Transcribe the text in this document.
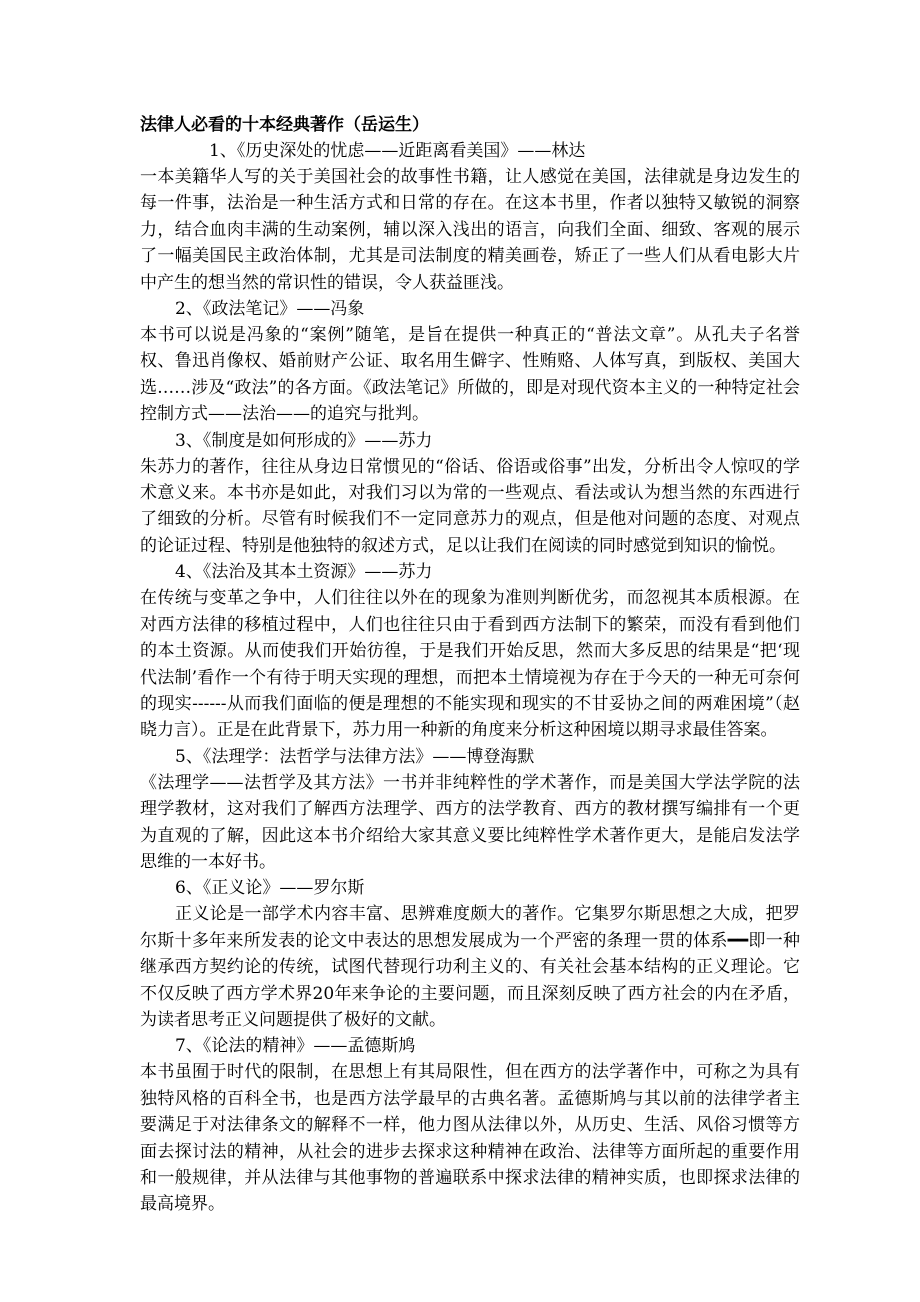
法律人必看的十本经典著作（岳运生）

1、《历史深处的忧虑——近距离看美国》——林达

一本美籍华人写的关于美国社会的故事性书籍，让人感觉在美国，法律就是身边发生的每一件事，法治是一种生活方式和日常的存在。在这本书里，作者以独特又敏锐的洞察力，结合血肉丰满的生动案例，辅以深入浅出的语言，向我们全面、细致、客观的展示了一幅美国民主政治体制，尤其是司法制度的精美画卷，矫正了一些人们从看电影大片中产生的想当然的常识性的错误，令人获益匪浅。

2、《政法笔记》——冯象

本书可以说是冯象的“案例”随笔，是旨在提供一种真正的“普法文章”。从孔夫子名誉权、鲁迅肖像权、婚前财产公证、取名用生僻字、性贿赂、人体写真，到版权、美国大选……涉及“政法”的各方面。《政法笔记》所做的，即是对现代资本主义的一种特定社会控制方式——法治——的追究与批判。

3、《制度是如何形成的》——苏力

朱苏力的著作，往往从身边日常惯见的“俗话、俗语或俗事”出发，分析出令人惊叹的学术意义来。本书亦是如此，对我们习以为常的一些观点、看法或认为想当然的东西进行了细致的分析。尽管有时候我们不一定同意苏力的观点，但是他对问题的态度、对观点的论证过程、特别是他独特的叙述方式，足以让我们在阅读的同时感觉到知识的愉悦。

4、《法治及其本土资源》——苏力

在传统与变革之争中，人们往往以外在的现象为准则判断优劣，而忽视其本质根源。在对西方法律的移植过程中，人们也往往只由于看到西方法制下的繁荣，而没有看到他们的本土资源。从而使我们开始彷徨，于是我们开始反思，然而大多反思的结果是“把‘现代法制’看作一个有待于明天实现的理想，而把本土情境视为存在于今天的一种无可奈何的现实------从而我们面临的便是理想的不能实现和现实的不甘妥协之间的两难困境”（赵晓力言）。正是在此背景下，苏力用一种新的角度来分析这种困境以期寻求最佳答案。

5、《法理学：法哲学与法律方法》——博登海默

《法理学——法哲学及其方法》一书并非纯粹性的学术著作，而是美国大学法学院的法理学教材，这对我们了解西方法理学、西方的法学教育、西方的教材撰写编排有一个更为直观的了解，因此这本书介绍给大家其意义要比纯粹性学术著作更大，是能启发法学思维的一本好书。

6、《正义论》——罗尔斯

正义论是一部学术内容丰富、思辨难度颇大的著作。它集罗尔斯思想之大成，把罗尔斯十多年来所发表的论文中表达的思想发展成为一个严密的条理一贯的体系━━即一种继承西方契约论的传统，试图代替现行功利主义的、有关社会基本结构的正义理论。它不仅反映了西方学术界20年来争论的主要问题，而且深刻反映了西方社会的内在矛盾，为读者思考正义问题提供了极好的文献。

7、《论法的精神》——孟德斯鸠

本书虽囿于时代的限制，在思想上有其局限性，但在西方的法学著作中，可称之为具有独特风格的百科全书，也是西方法学最早的古典名著。孟德斯鸠与其以前的法律学者主要满足于对法律条文的解释不一样，他力图从法律以外，从历史、生活、风俗习惯等方面去探讨法的精神，从社会的进步去探求这种精神在政治、法律等方面所起的重要作用和一般规律，并从法律与其他事物的普遍联系中探求法律的精神实质，也即探求法律的最高境界。
